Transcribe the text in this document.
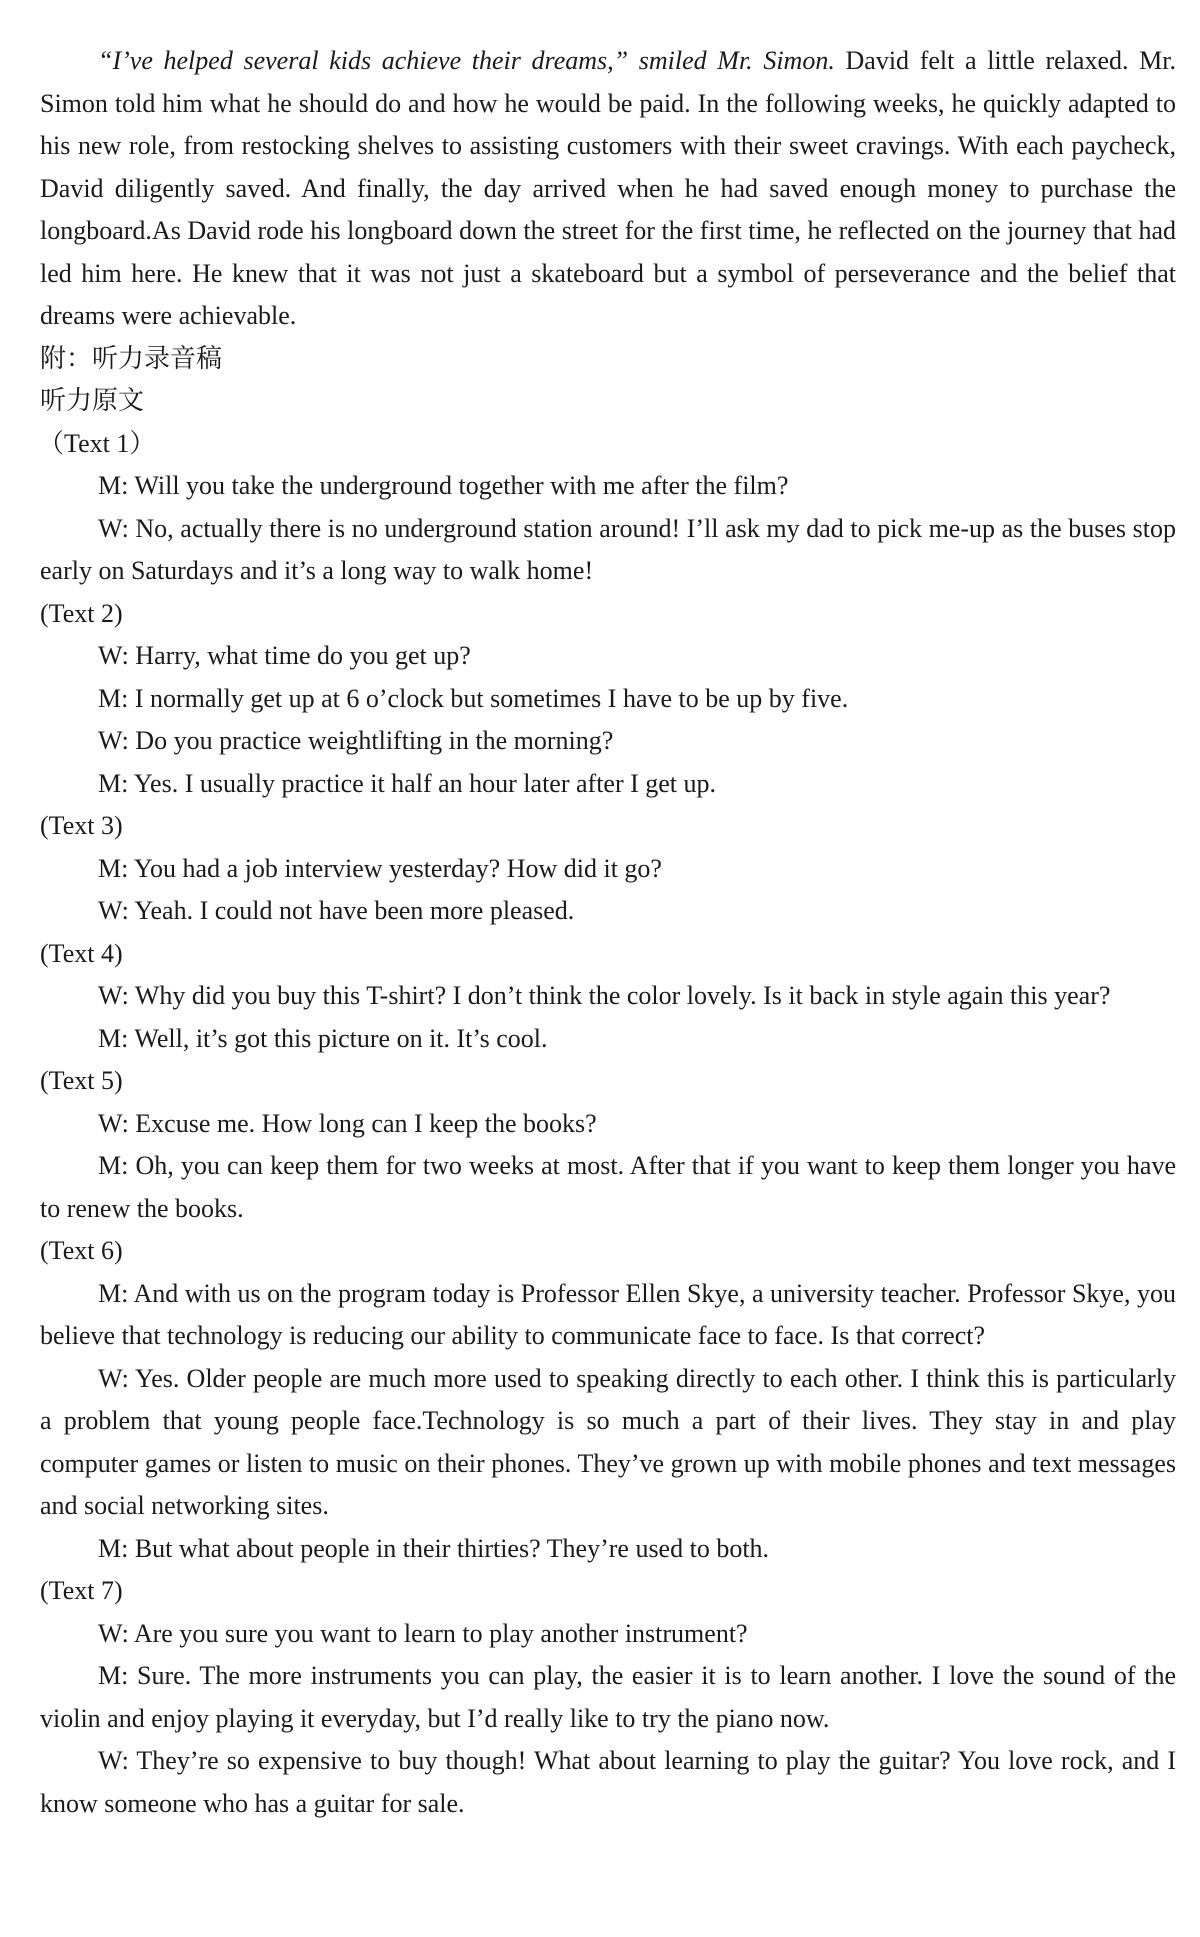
“I’ve helped several kids achieve their dreams,” smiled Mr. Simon. David felt a little relaxed. Mr. Simon told him what he should do and how he would be paid. In the following weeks, he quickly adapted to his new role, from restocking shelves to assisting customers with their sweet cravings. With each paycheck, David diligently saved. And finally, the day arrived when he had saved enough money to purchase the longboard.As David rode his longboard down the street for the first time, he reflected on the journey that had led him here. He knew that it was not just a skateboard but a symbol of perseverance and the belief that dreams were achievable.

附：听力录音稿

听力原文

（Text 1）

M: Will you take the underground together with me after the film?

W: No, actually there is no underground station around! I’ll ask my dad to pick me-up as the buses stop early on Saturdays and it’s a long way to walk home!

(Text 2)

W: Harry, what time do you get up?

M: I normally get up at 6 o’clock but sometimes I have to be up by five.

W: Do you practice weightlifting in the morning?

M: Yes. I usually practice it half an hour later after I get up.

(Text 3)

M: You had a job interview yesterday? How did it go?

W: Yeah. I could not have been more pleased.

(Text 4)

W: Why did you buy this T-shirt? I don’t think the color lovely. Is it back in style again this year?

M: Well, it’s got this picture on it. It’s cool.

(Text 5)

W: Excuse me. How long can I keep the books?

M: Oh, you can keep them for two weeks at most. After that if you want to keep them longer you have to renew the books.

(Text 6)

M: And with us on the program today is Professor Ellen Skye, a university teacher. Professor Skye, you believe that technology is reducing our ability to communicate face to face. Is that correct?

W: Yes. Older people are much more used to speaking directly to each other. I think this is particularly a problem that young people face.Technology is so much a part of their lives. They stay in and play computer games or listen to music on their phones. They’ve grown up with mobile phones and text messages and social networking sites.

M: But what about people in their thirties? They’re used to both.

(Text 7)

W: Are you sure you want to learn to play another instrument?

M: Sure. The more instruments you can play, the easier it is to learn another. I love the sound of the violin and enjoy playing it everyday, but I’d really like to try the piano now.

W: They’re so expensive to buy though! What about learning to play the guitar? You love rock, and I know someone who has a guitar for sale.
